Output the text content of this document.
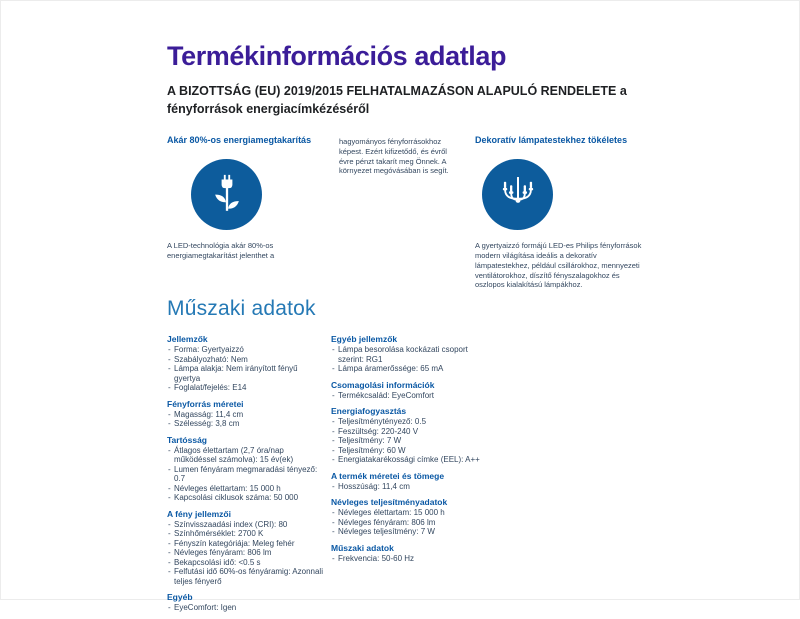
Termékinformációs adatlap

A BIZOTTSÁG (EU) 2019/2015 FELHATALMAZÁSON ALAPULÓ RENDELETE a fényforrások energiacímkézéséről

Akár 80%-os energiamegtakarítás

A LED-technológia akár 80%-os energiamegtakarítást jelenthet a

hagyományos fényforrásokhoz képest. Ezért kifizetődő, és évről évre pénzt takarít meg Önnek. A környezet megóvásában is segít.

Dekoratív lámpatestekhez tökéletes

A gyertyaizzó formájú LED-es Philips fényforrások modern világítása ideális a dekoratív lámpatestekhez, például csillárokhoz, mennyezeti ventilátorokhoz, díszítő fényszalagokhoz és oszlopos kialakítású lámpákhoz.

Műszaki adatok
Jellemzők
- Forma: Gyertyaizzó
- Szabályozható: Nem
- Lámpa alakja: Nem irányított fényű gyertya
- Foglalat/fejelés: E14
Fényforrás méretei
- Magasság: 11,4 cm
- Szélesség: 3,8 cm
Tartósság
- Átlagos élettartam (2,7 óra/nap működéssel számolva): 15 év(ek)
- Lumen fényáram megmaradási tényező: 0.7
- Névleges élettartam: 15 000 h
- Kapcsolási ciklusok száma: 50 000
A fény jellemzői
- Színvisszaadási index (CRI): 80
- Színhőmérséklet: 2700 K
- Fényszín kategóriája: Meleg fehér
- Névleges fényáram: 806 lm
- Bekapcsolási idő: <0.5 s
- Felfutási idő 60%-os fényáramig: Azonnali teljes fényerő
Egyéb
- EyeComfort: Igen
Egyéb jellemzők
- Lámpa besorolása kockázati csoport szerint: RG1
- Lámpa áramerőssége: 65 mA
Csomagolási információk
- Termékcsalád: EyeComfort
Energiafogyasztás
- Teljesítménytényező: 0.5
- Feszültség: 220-240 V
- Teljesítmény: 7 W
- Teljesítmény: 60 W
- Energiatakarékossági címke (EEL): A++
A termék méretei és tömege
- Hosszúság: 11,4 cm
Névleges teljesítményadatok
- Névleges élettartam: 15 000 h
- Névleges fényáram: 806 lm
- Névleges teljesítmény: 7 W
Műszaki adatok
- Frekvencia: 50-60 Hz
